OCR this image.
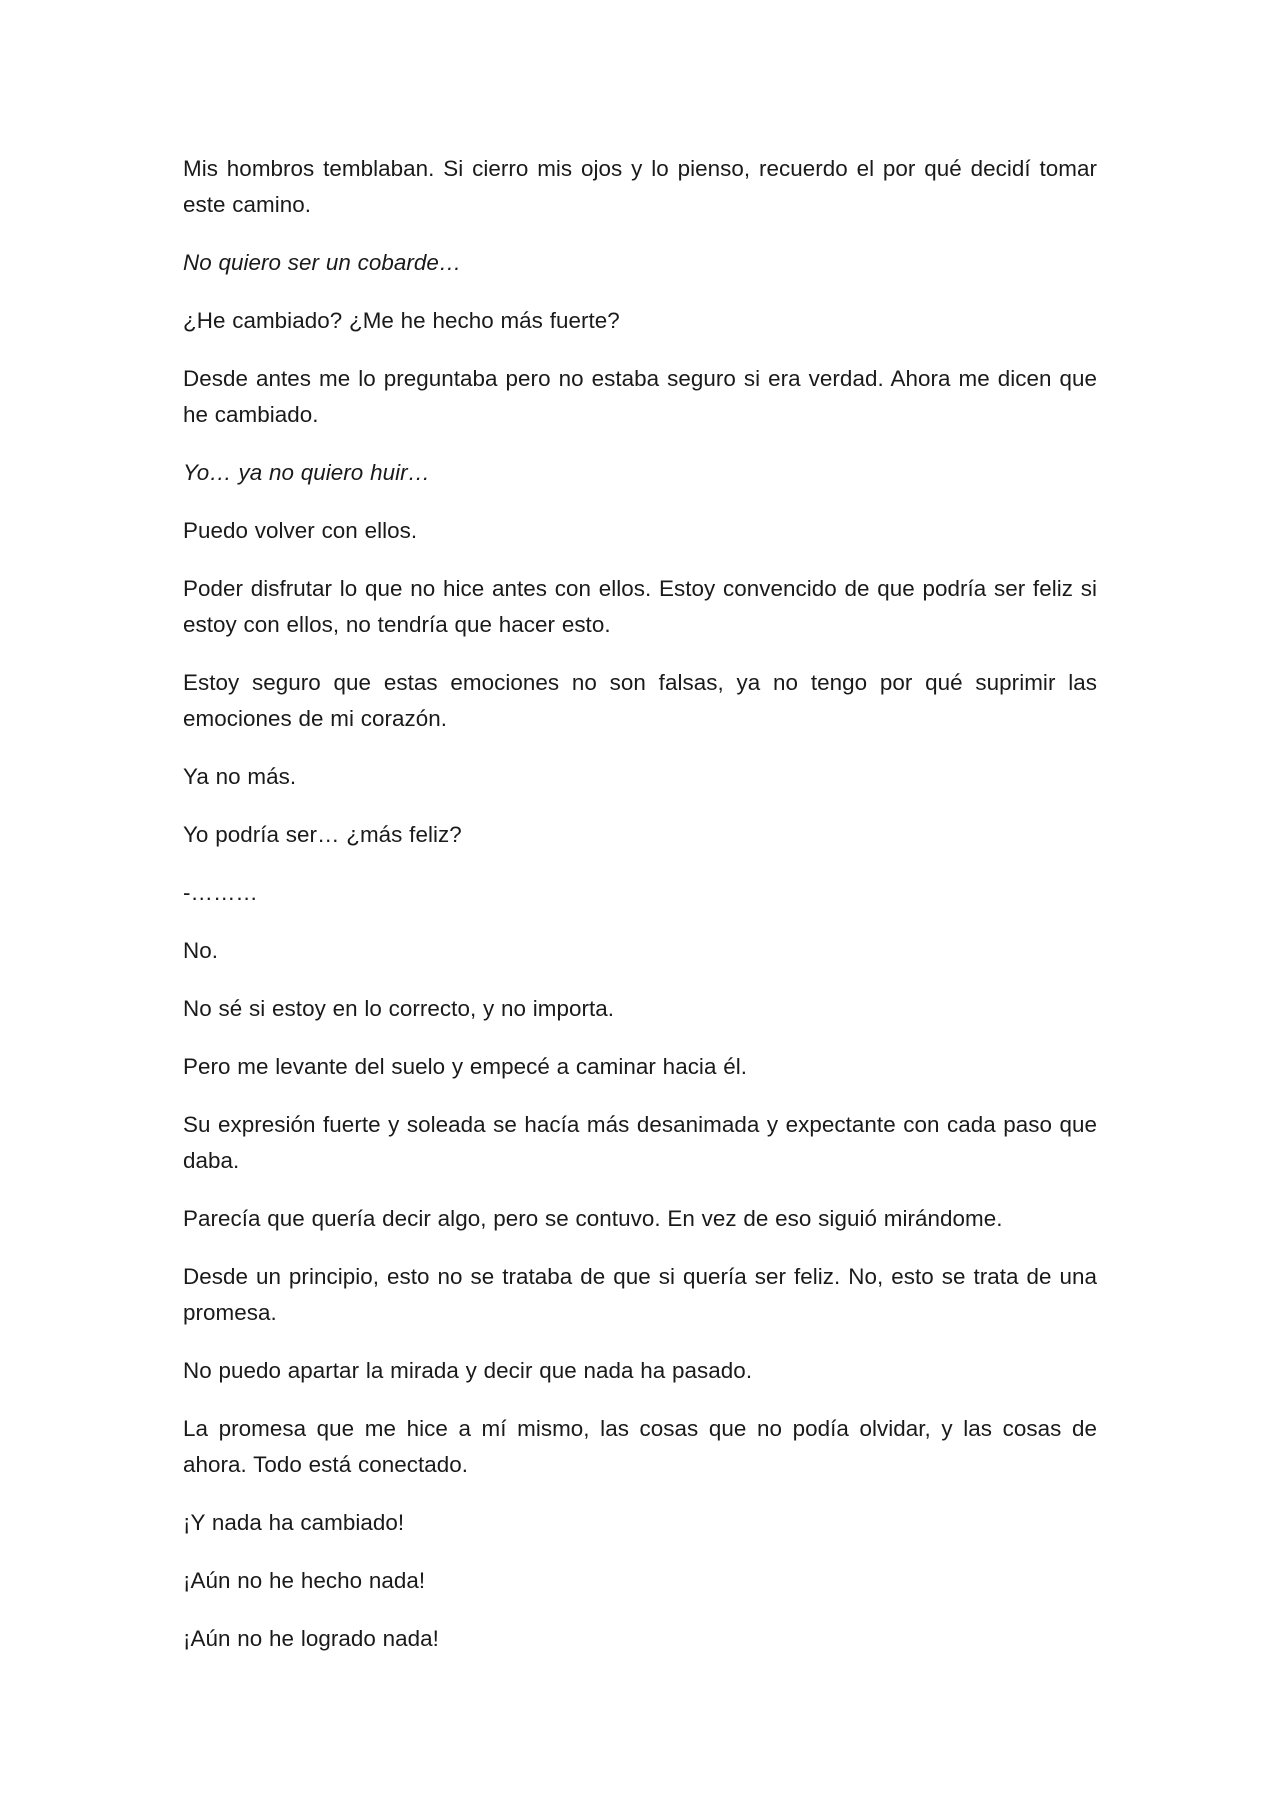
Mis hombros temblaban. Si cierro mis ojos y lo pienso, recuerdo el por qué decidí tomar este camino.

No quiero ser un cobarde…

¿He cambiado? ¿Me he hecho más fuerte?

Desde antes me lo preguntaba pero no estaba seguro si era verdad. Ahora me dicen que he cambiado.

Yo… ya no quiero huir…

Puedo volver con ellos.

Poder disfrutar lo que no hice antes con ellos. Estoy convencido de que podría ser feliz si estoy con ellos, no tendría que hacer esto.

Estoy seguro que estas emociones no son falsas, ya no tengo por qué suprimir las emociones de mi corazón.

Ya no más.

Yo podría ser… ¿más feliz?

-………

No.

No sé si estoy en lo correcto, y no importa.

Pero me levante del suelo y empecé a caminar hacia él.

Su expresión fuerte y soleada se hacía más desanimada y expectante con cada paso que daba.

Parecía que quería decir algo, pero se contuvo. En vez de eso siguió mirándome.

Desde un principio, esto no se trataba de que si quería ser feliz. No, esto se trata de una promesa.

No puedo apartar la mirada y decir que nada ha pasado.

La promesa que me hice a mí mismo, las cosas que no podía olvidar, y las cosas de ahora. Todo está conectado.

¡Y nada ha cambiado!

¡Aún no he hecho nada!

¡Aún no he logrado nada!
